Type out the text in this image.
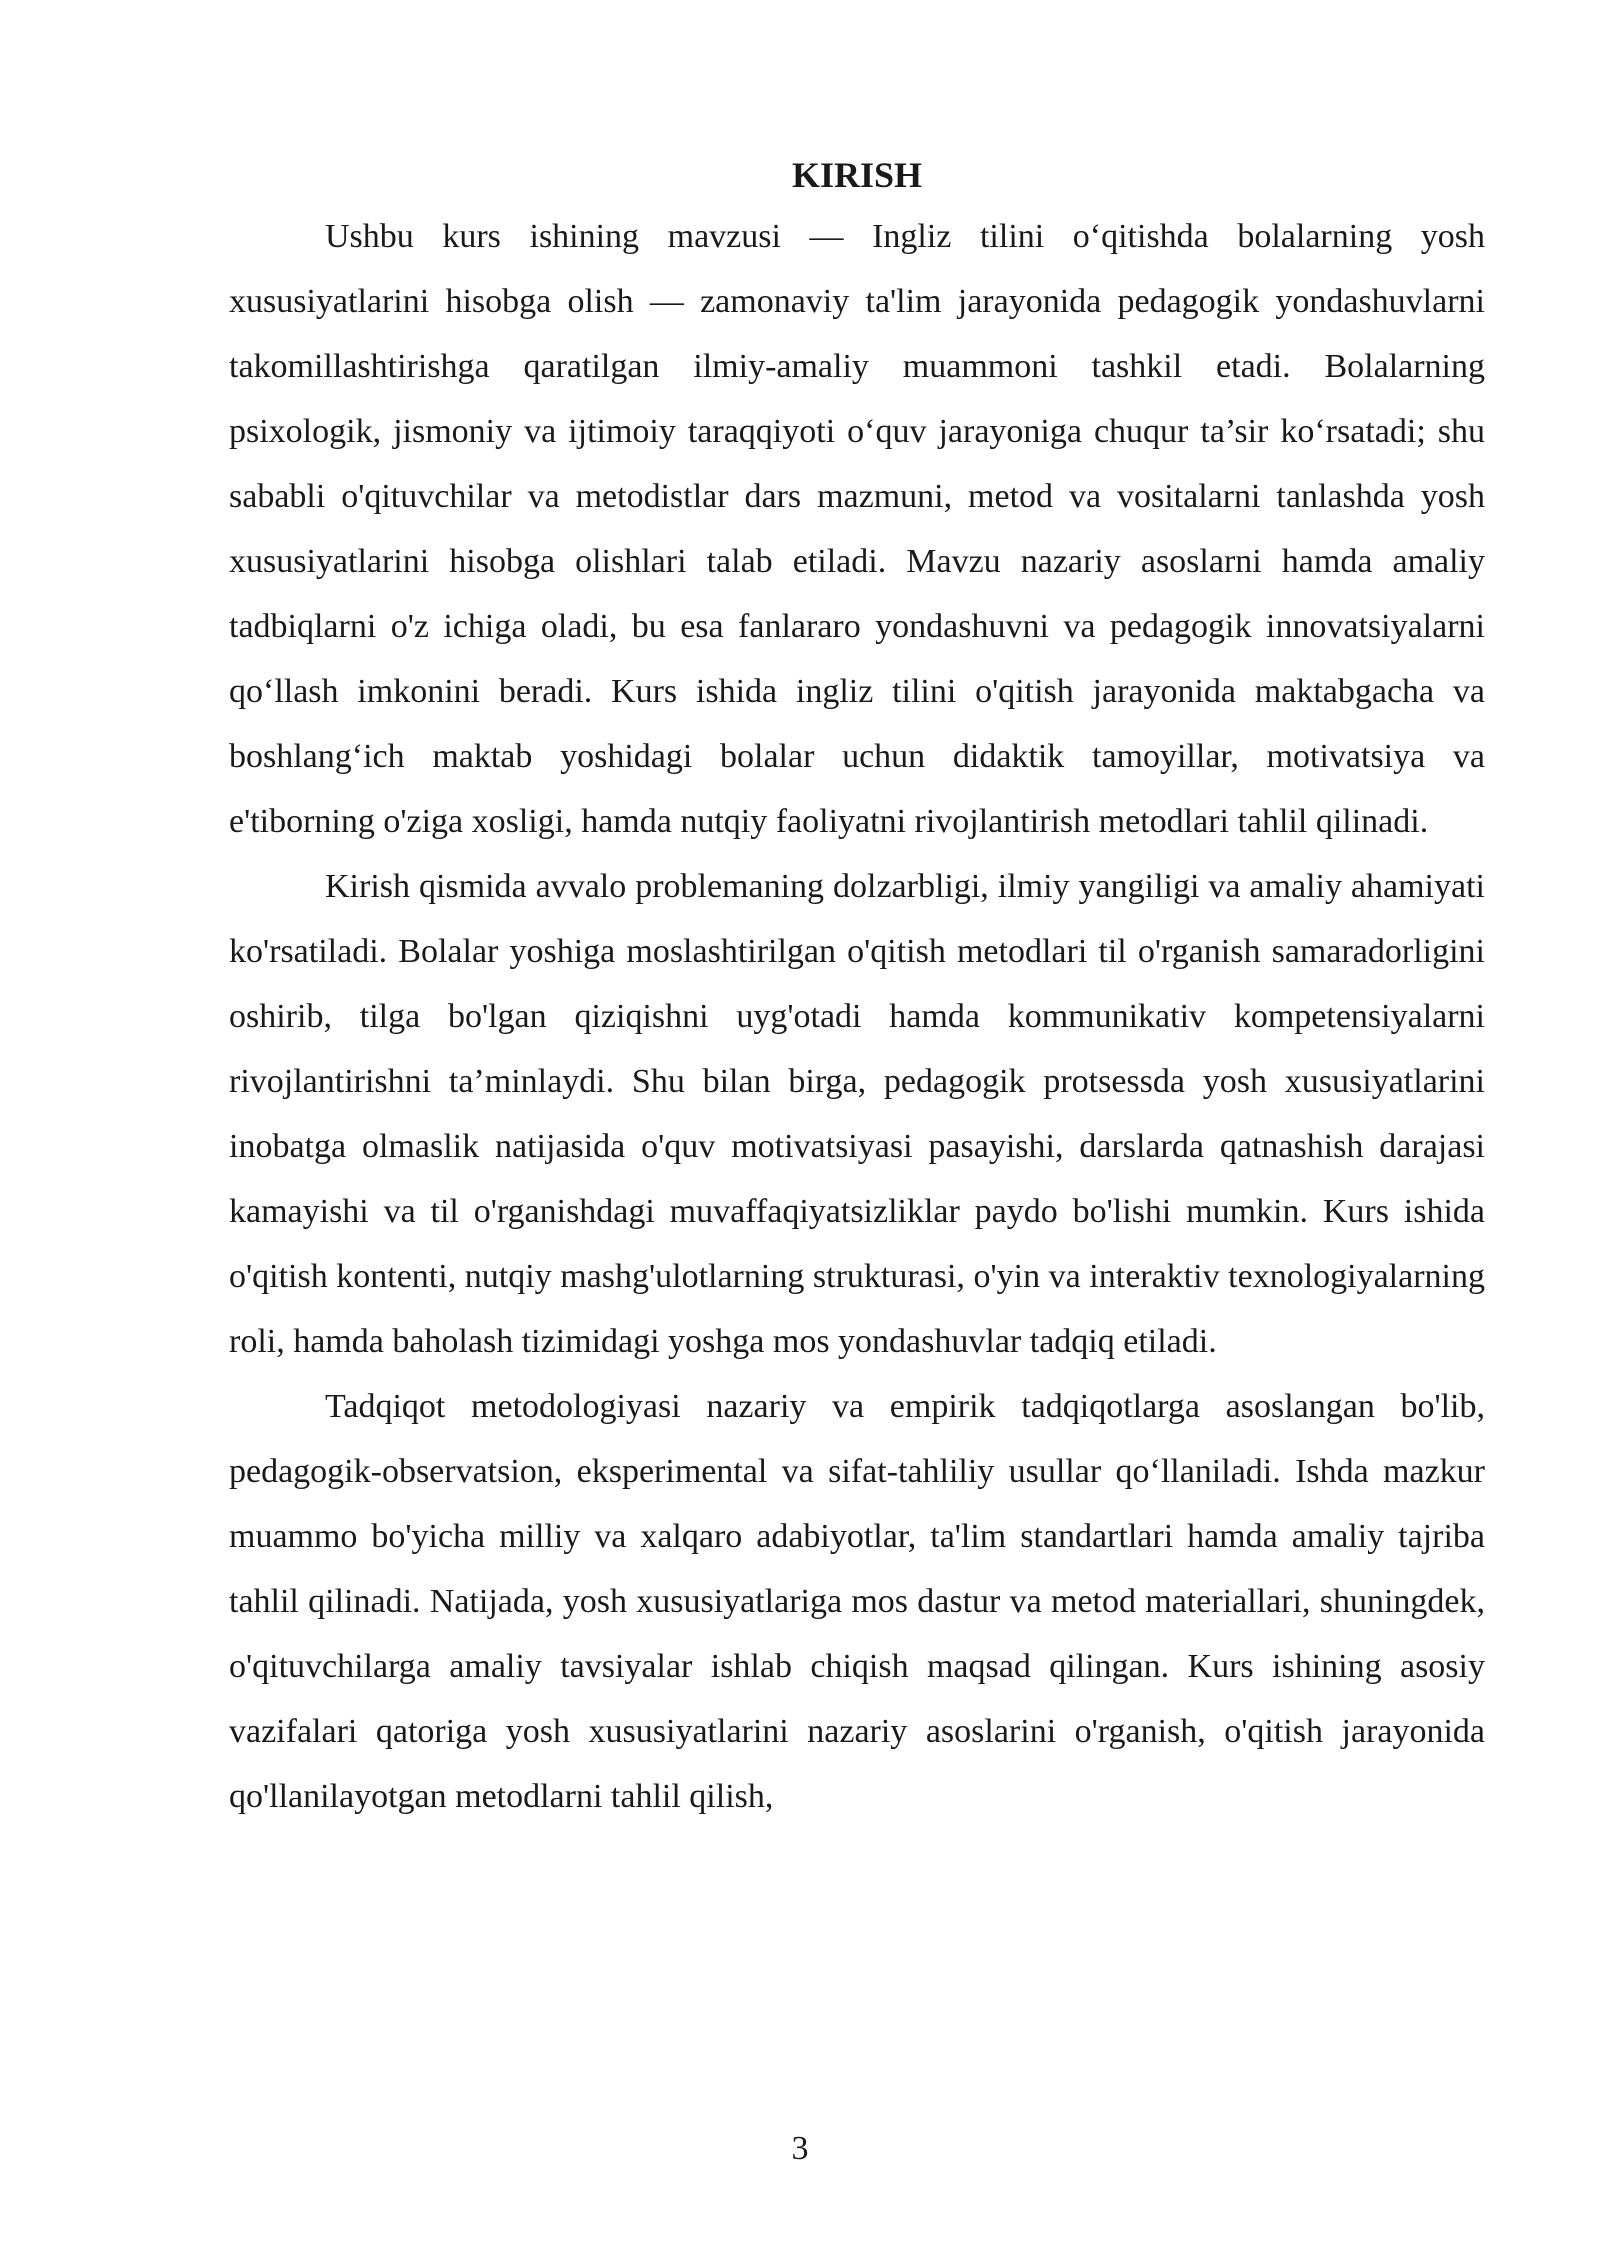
KIRISH

Ushbu kurs ishining mavzusi — Ingliz tilini o‘qitishda bolalarning yosh xususiyatlarini hisobga olish — zamonaviy ta'lim jarayonida pedagogik yondashuvlarni takomillashtirishga qaratilgan ilmiy-amaliy muammoni tashkil etadi. Bolalarning psixologik, jismoniy va ijtimoiy taraqqiyoti o‘quv jarayoniga chuqur ta’sir ko‘rsatadi; shu sababli o'qituvchilar va metodistlar dars mazmuni, metod va vositalarni tanlashda yosh xususiyatlarini hisobga olishlari talab etiladi. Mavzu nazariy asoslarni hamda amaliy tadbiqlarni o'z ichiga oladi, bu esa fanlararo yondashuvni va pedagogik innovatsiyalarni qo‘llash imkonini beradi. Kurs ishida ingliz tilini o'qitish jarayonida maktabgacha va boshlang‘ich maktab yoshidagi bolalar uchun didaktik tamoyillar, motivatsiya va e'tiborning o'ziga xosligi, hamda nutqiy faoliyatni rivojlantirish metodlari tahlil qilinadi.

Kirish qismida avvalo problemaning dolzarbligi, ilmiy yangiligi va amaliy ahamiyati ko'rsatiladi. Bolalar yoshiga moslashtirilgan o'qitish metodlari til o'rganish samaradorligini oshirib, tilga bo'lgan qiziqishni uyg'otadi hamda kommunikativ kompetensiyalarni rivojlantirishni ta’minlaydi. Shu bilan birga, pedagogik protsessda yosh xususiyatlarini inobatga olmaslik natijasida o'quv motivatsiyasi pasayishi, darslarda qatnashish darajasi kamayishi va til o'rganishdagi muvaffaqiyatsizliklar paydo bo'lishi mumkin. Kurs ishida o'qitish kontenti, nutqiy mashg'ulotlarning strukturasi, o'yin va interaktiv texnologiyalarning roli, hamda baholash tizimidagi yoshga mos yondashuvlar tadqiq etiladi.

Tadqiqot metodologiyasi nazariy va empirik tadqiqotlarga asoslangan bo'lib, pedagogik-observatsion, eksperimental va sifat-tahliliy usullar qo‘llaniladi. Ishda mazkur muammo bo'yicha milliy va xalqaro adabiyotlar, ta'lim standartlari hamda amaliy tajriba tahlil qilinadi. Natijada, yosh xususiyatlariga mos dastur va metod materiallari, shuningdek, o'qituvchilarga amaliy tavsiyalar ishlab chiqish maqsad qilingan. Kurs ishining asosiy vazifalari qatoriga yosh xususiyatlarini nazariy asoslarini o'rganish, o'qitish jarayonida qo'llanilayotgan metodlarni tahlil qilish,

3
